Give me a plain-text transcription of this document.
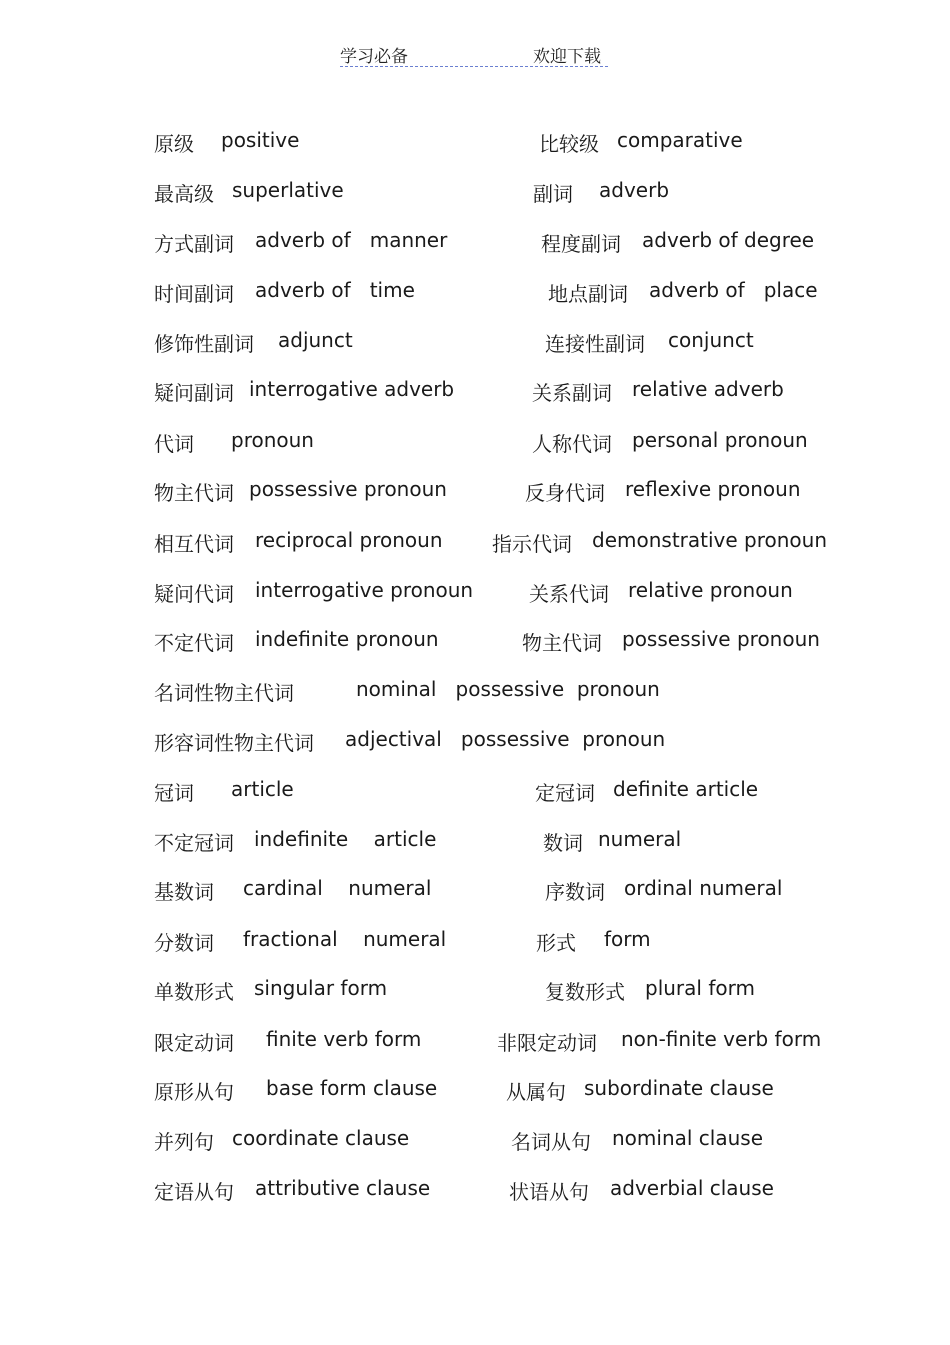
学习必备	欢迎下载
原级 positive	比较级 comparative
最高级 superlative	副词 adverb
方式副词 adverb of   manner	程度副词 adverb of degree
时间副词 adverb of   time	地点副词 adverb of   place
修饰性副词 adjunct	连接性副词 conjunct
疑问副词 interrogative adverb	关系副词 relative adverb
代词 pronoun	人称代词 personal pronoun
物主代词 possessive pronoun	反身代词 reflexive pronoun
相互代词 reciprocal pronoun 指示代词 demonstrative pronoun
疑问代词 interrogative pronoun	关系代词 relative pronoun
不定代词 indefinite pronoun	物主代词 possessive pronoun
名词性物主代词	nominal   possessive  pronoun
形容词性物主代词 adjectival   possessive  pronoun
冠词 article	定冠词 definite article
不定冠词 indefinite    article	数词 numeral
基数词 cardinal    numeral	序数词 ordinal numeral
分数词 fractional    numeral	形式 form
单数形式 singular form	复数形式 plural form
限定动词 finite verb form	非限定动词 non-finite verb form
原形从句 base form clause	从属句 subordinate clause
并列句 coordinate clause	名词从句 nominal clause
定语从句 attributive clause	状语从句 adverbial clause
